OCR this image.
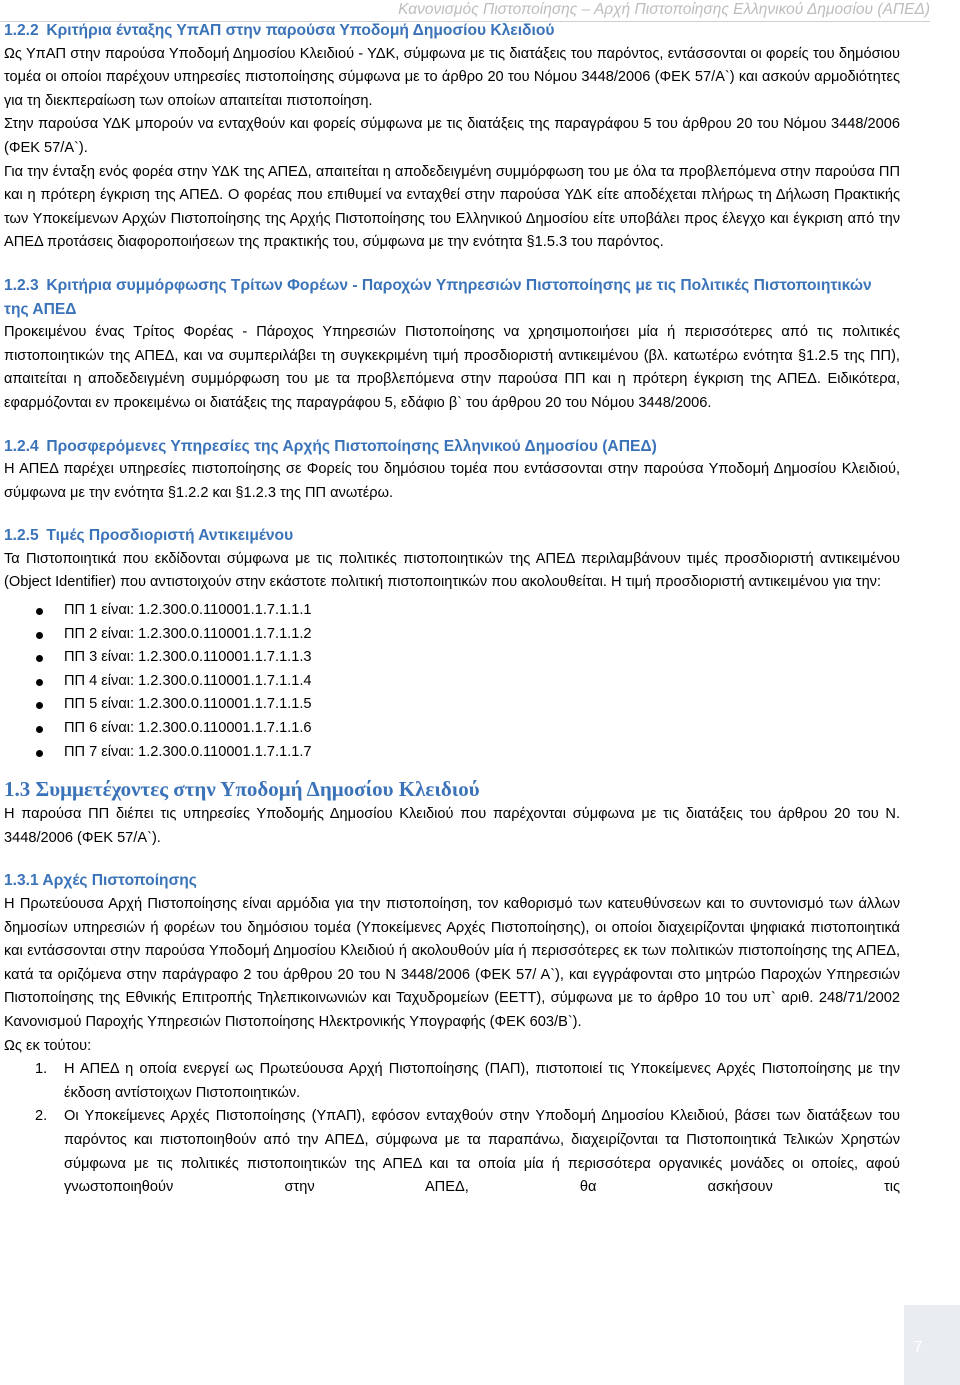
Κανονισμός Πιστοποίησης – Αρχή Πιστοποίησης Ελληνικού Δημοσίου (ΑΠΕΔ)
1.2.2 Κριτήρια ένταξης ΥπΑΠ στην παρούσα Υποδομή Δημοσίου Κλειδιού

Ως ΥπΑΠ στην παρούσα Υποδομή Δημοσίου Κλειδιού - ΥΔΚ, σύμφωνα με τις διατάξεις του παρόντος, εντάσσονται οι φορείς του δημόσιου τομέα οι οποίοι παρέχουν υπηρεσίες πιστοποίησης σύμφωνα με το άρθρο 20 του Νόμου 3448/2006 (ΦΕΚ 57/Α`) και ασκούν αρμοδιότητες για τη διεκπεραίωση των οποίων απαιτείται πιστοποίηση.

Στην παρούσα ΥΔΚ μπορούν να ενταχθούν και φορείς σύμφωνα με τις διατάξεις της παραγράφου 5 του άρθρου 20 του Νόμου 3448/2006 (ΦΕΚ 57/Α`).

Για την ένταξη ενός φορέα στην ΥΔΚ της ΑΠΕΔ, απαιτείται η αποδεδειγμένη συμμόρφωση του με όλα τα προβλεπόμενα στην παρούσα ΠΠ και η πρότερη έγκριση της ΑΠΕΔ. Ο φορέας που επιθυμεί να ενταχθεί στην παρούσα ΥΔΚ είτε αποδέχεται πλήρως τη Δήλωση Πρακτικής των Υποκείμενων Αρχών Πιστοποίησης της Αρχής Πιστοποίησης του Ελληνικού Δημοσίου είτε υποβάλει προς έλεγχο και έγκριση από την ΑΠΕΔ προτάσεις διαφοροποιήσεων της πρακτικής του, σύμφωνα με την ενότητα §1.5.3 του παρόντος.

1.2.3 Κριτήρια συμμόρφωσης Τρίτων Φορέων - Παροχών Υπηρεσιών Πιστοποίησης με τις Πολιτικές Πιστοποιητικών της ΑΠΕΔ

Προκειμένου ένας Τρίτος Φορέας - Πάροχος Υπηρεσιών Πιστοποίησης να χρησιμοποιήσει μία ή περισσότερες από τις πολιτικές πιστοποιητικών της ΑΠΕΔ, και να συμπεριλάβει τη συγκεκριμένη τιμή προσδιοριστή αντικειμένου (βλ. κατωτέρω ενότητα §1.2.5 της ΠΠ), απαιτείται η αποδεδειγμένη συμμόρφωση του με τα προβλεπόμενα στην παρούσα ΠΠ και η πρότερη έγκριση της ΑΠΕΔ. Ειδικότερα, εφαρμόζονται εν προκειμένω οι διατάξεις της παραγράφου 5, εδάφιο β` του άρθρου 20 του Νόμου 3448/2006.

1.2.4 Προσφερόμενες Υπηρεσίες της Αρχής Πιστοποίησης Ελληνικού Δημοσίου (ΑΠΕΔ)

Η ΑΠΕΔ παρέχει υπηρεσίες πιστοποίησης σε Φορείς του δημόσιου τομέα που εντάσσονται στην παρούσα Υποδομή Δημοσίου Κλειδιού, σύμφωνα με την ενότητα §1.2.2 και §1.2.3 της ΠΠ ανωτέρω.

1.2.5 Τιμές Προσδιοριστή Αντικειμένου

Τα Πιστοποιητικά που εκδίδονται σύμφωνα με τις πολιτικές πιστοποιητικών της ΑΠΕΔ περιλαμβάνουν τιμές προσδιοριστή αντικειμένου (Object Identifier) που αντιστοιχούν στην εκάστοτε πολιτική πιστοποιητικών που ακολουθείται. Η τιμή προσδιοριστή αντικειμένου για την:

ΠΠ 1 είναι: 1.2.300.0.110001.1.7.1.1.1
ΠΠ 2 είναι: 1.2.300.0.110001.1.7.1.1.2
ΠΠ 3 είναι: 1.2.300.0.110001.1.7.1.1.3
ΠΠ 4 είναι: 1.2.300.0.110001.1.7.1.1.4
ΠΠ 5 είναι: 1.2.300.0.110001.1.7.1.1.5
ΠΠ 6 είναι: 1.2.300.0.110001.1.7.1.1.6
ΠΠ 7 είναι: 1.2.300.0.110001.1.7.1.1.7
1.3 Συμμετέχοντες στην Υποδομή Δημοσίου Κλειδιού

Η παρούσα ΠΠ διέπει τις υπηρεσίες Υποδομής Δημοσίου Κλειδιού που παρέχονται σύμφωνα με τις διατάξεις του άρθρου 20 του Ν. 3448/2006 (ΦΕΚ 57/Α`).

1.3.1 Αρχές Πιστοποίησης

Η Πρωτεύουσα Αρχή Πιστοποίησης είναι αρμόδια για την πιστοποίηση, τον καθορισμό των κατευθύνσεων και το συντονισμό των άλλων δημοσίων υπηρεσιών ή φορέων του δημόσιου τομέα (Υποκείμενες Αρχές Πιστοποίησης), οι οποίοι διαχειρίζονται ψηφιακά πιστοποιητικά και εντάσσονται στην παρούσα Υποδομή Δημοσίου Κλειδιού ή ακολουθούν μία ή περισσότερες εκ των πολιτικών πιστοποίησης της ΑΠΕΔ, κατά τα οριζόμενα στην παράγραφο 2 του άρθρου 20 του Ν 3448/2006 (ΦΕΚ 57/ Α`), και εγγράφονται στο μητρώο Παροχών Υπηρεσιών Πιστοποίησης της Εθνικής Επιτροπής Τηλεπικοινωνιών και Ταχυδρομείων (ΕΕΤΤ), σύμφωνα με το άρθρο 10 του υπ` αριθ. 248/71/2002 Κανονισμού Παροχής Υπηρεσιών Πιστοποίησης Ηλεκτρονικής Υπογραφής (ΦΕΚ 603/Β`).

Ως εκ τούτου:

1.	Η ΑΠΕΔ η οποία ενεργεί ως Πρωτεύουσα Αρχή Πιστοποίησης (ΠΑΠ), πιστοποιεί τις Υποκείμενες Αρχές Πιστοποίησης με την έκδοση αντίστοιχων Πιστοποιητικών.
2.	Οι Υποκείμενες Αρχές Πιστοποίησης (ΥπΑΠ), εφόσον ενταχθούν στην Υποδομή Δημοσίου Κλειδιού, βάσει των διατάξεων του παρόντος και πιστοποιηθούν από την ΑΠΕΔ, σύμφωνα με τα παραπάνω, διαχειρίζονται τα Πιστοποιητικά Τελικών Χρηστών σύμφωνα με τις πολιτικές πιστοποιητικών της ΑΠΕΔ και τα οποία μία ή περισσότερα οργανικές μονάδες οι οποίες, αφού γνωστοποιηθούν στην ΑΠΕΔ, θα ασκήσουν τις
7
